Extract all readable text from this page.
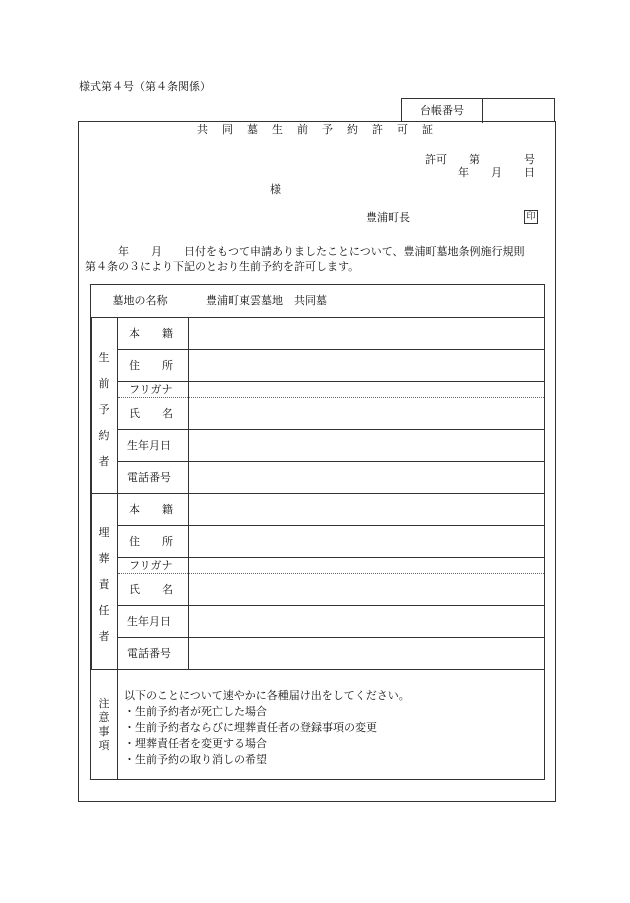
様式第４号（第４条関係）
台帳番号
共同墓生前予約許可証
許可　　第　　　　号
年　　月　　日
様
豊浦町長	印
年　　月　　日付をもつて申請ありましたことについて、豊浦町墓地条例施行規則
第４条の３により下記のとおり生前予約を許可します。
墓地の名称	豊浦町東雲墓地　共同墓
生前予約者
本籍
住所
フリガナ
氏名
生年月日
電話番号
埋葬責任者
本籍
住所
フリガナ
氏名
生年月日
電話番号
注意事項
以下のことについて速やかに各種届け出をしてください。
・生前予約者が死亡した場合
・生前予約者ならびに埋葬責任者の登録事項の変更
・埋葬責任者を変更する場合
・生前予約の取り消しの希望
